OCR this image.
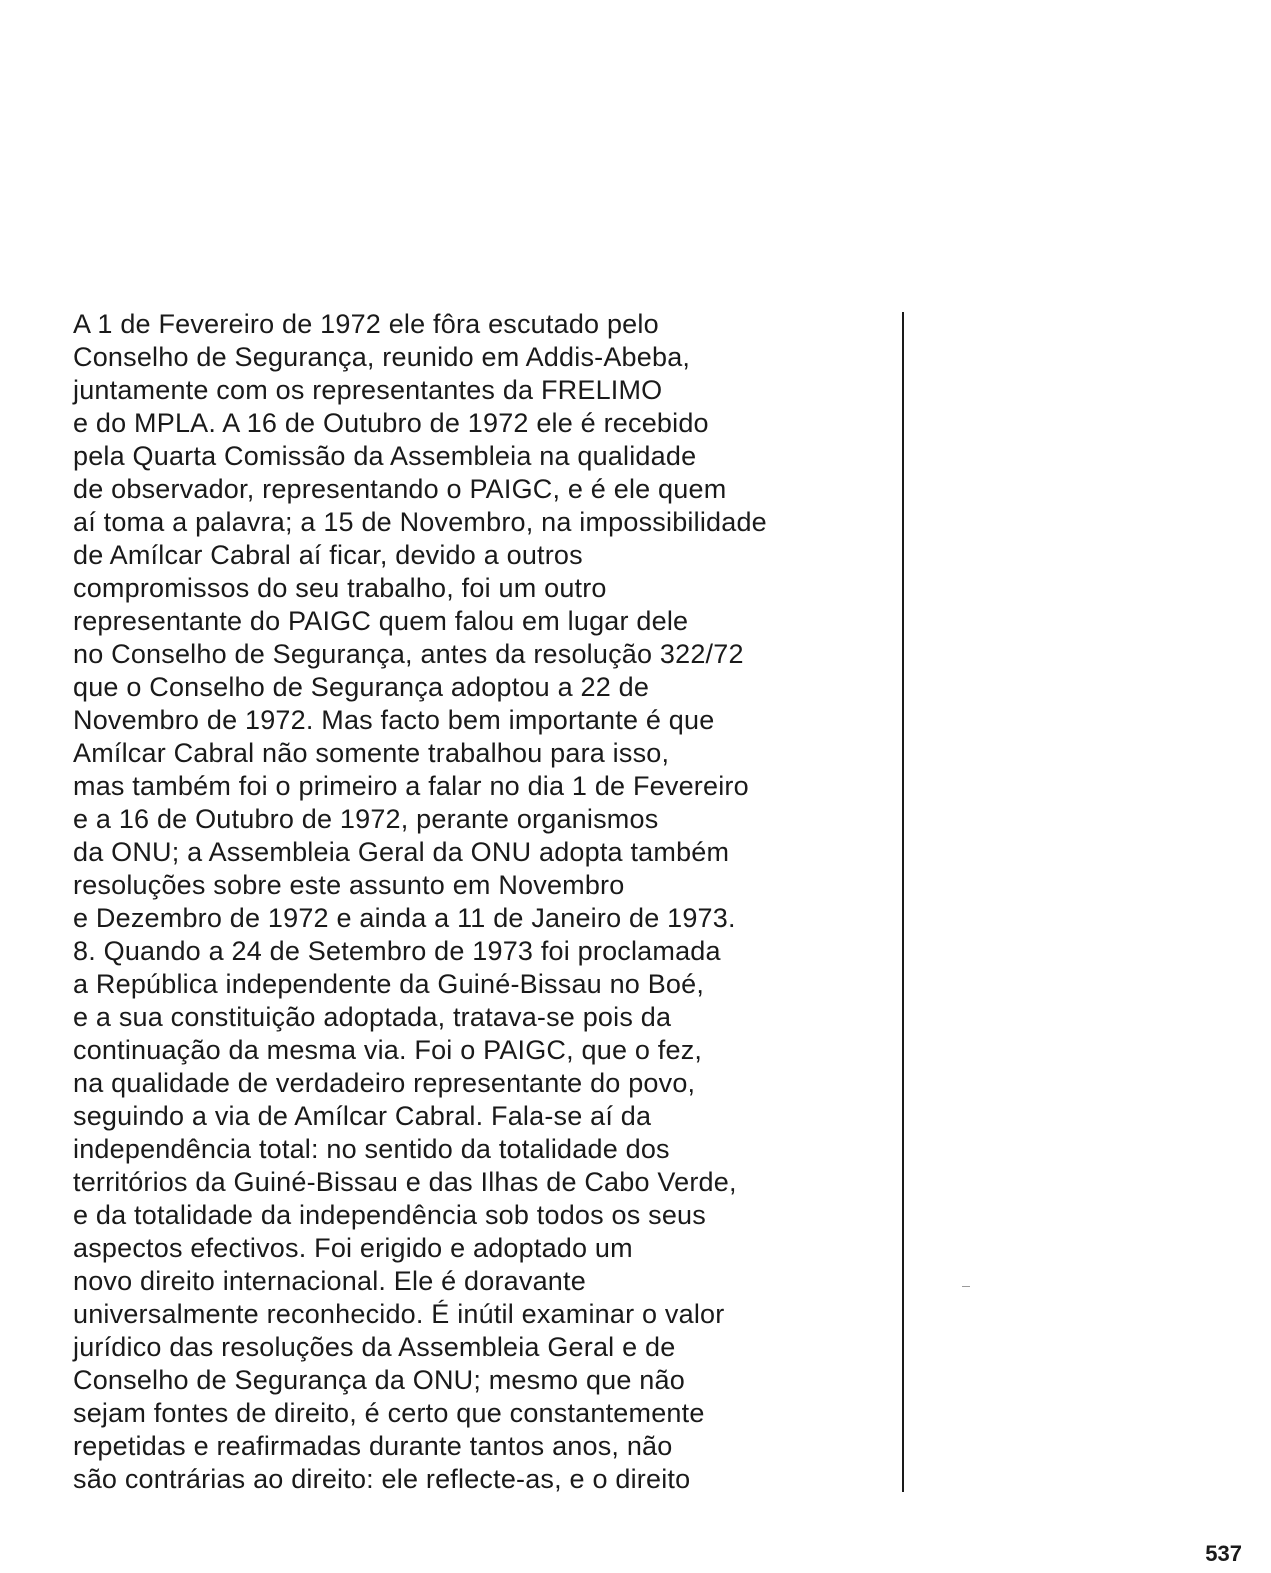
A 1 de Fevereiro de 1972 ele fôra escutado pelo
Conselho de Segurança, reunido em Addis-Abeba,
juntamente com os representantes da FRELIMO
e do MPLA. A 16 de Outubro de 1972 ele é recebido
pela Quarta Comissão da Assembleia na qualidade
de observador, representando o PAIGC, e é ele quem
aí toma a palavra; a 15 de Novembro, na impossibilidade
de Amílcar Cabral aí ficar, devido a outros
compromissos do seu trabalho, foi um outro
representante do PAIGC quem falou em lugar dele
no Conselho de Segurança, antes da resolução 322/72
que o Conselho de Segurança adoptou a 22 de
Novembro de 1972. Mas facto bem importante é que
Amílcar Cabral não somente trabalhou para isso,
mas também foi o primeiro a falar no dia 1 de Fevereiro
e a 16 de Outubro de 1972, perante organismos
da ONU; a Assembleia Geral da ONU adopta também
resoluções sobre este assunto em Novembro
e Dezembro de 1972 e ainda a 11 de Janeiro de 1973.
8. Quando a 24 de Setembro de 1973 foi proclamada
a República independente da Guiné-Bissau no Boé,
e a sua constituição adoptada, tratava-se pois da
continuação da mesma via. Foi o PAIGC, que o fez,
na qualidade de verdadeiro representante do povo,
seguindo a via de Amílcar Cabral. Fala-se aí da
independência total: no sentido da totalidade dos
territórios da Guiné-Bissau e das Ilhas de Cabo Verde,
e da totalidade da independência sob todos os seus
aspectos efectivos. Foi erigido e adoptado um
novo direito internacional. Ele é doravante
universalmente reconhecido. É inútil examinar o valor
jurídico das resoluções da Assembleia Geral e de
Conselho de Segurança da ONU; mesmo que não
sejam fontes de direito, é certo que constantemente
repetidas e reafirmadas durante tantos anos, não
são contrárias ao direito: ele reflecte-as, e o direito
537
